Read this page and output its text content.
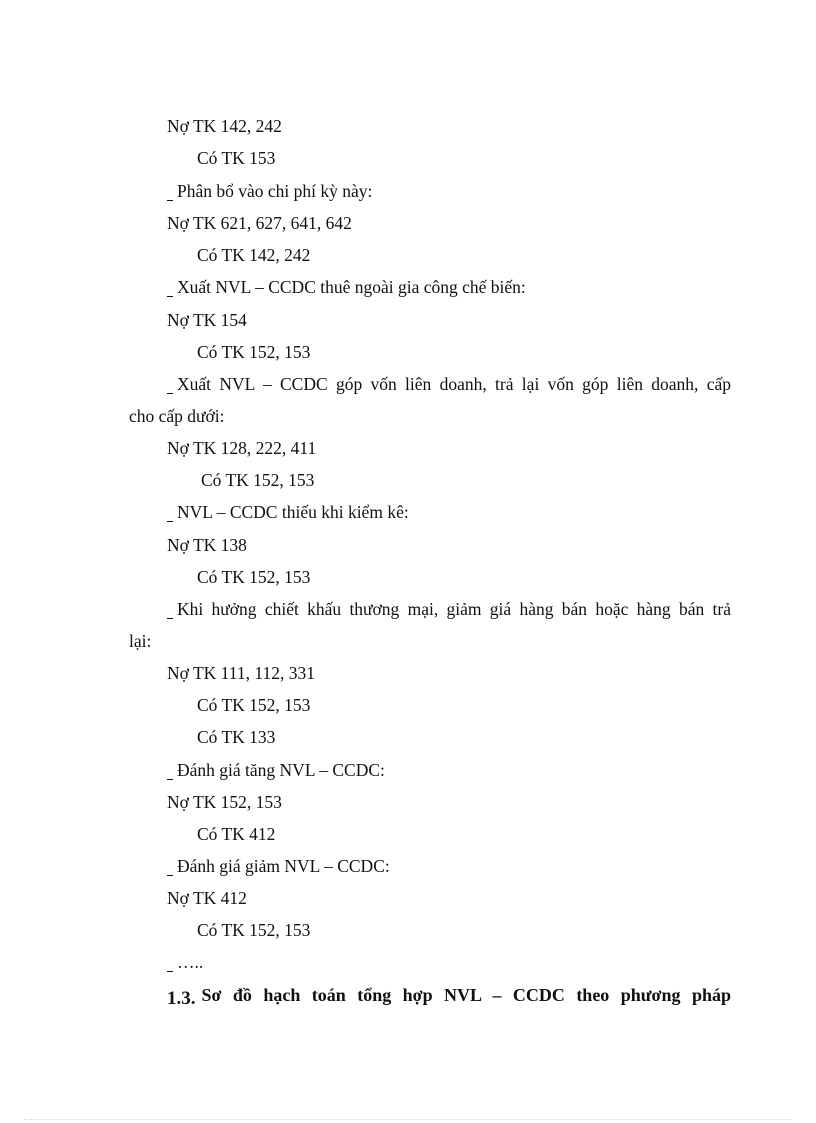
Nợ TK 142, 242
Có TK 153
Phân bổ vào chi phí kỳ này:
Nợ TK 621, 627, 641, 642
Có TK 142, 242
Xuất NVL – CCDC thuê ngoài gia công chế biến:
Nợ TK 154
Có TK 152, 153
Xuất NVL – CCDC góp vốn liên doanh, trả lại vốn góp liên doanh, cấp
cho cấp dưới:
Nợ TK 128, 222, 411
Có TK 152, 153
NVL – CCDC thiếu khi kiểm kê:
Nợ TK 138
Có TK 152, 153
Khi hưởng chiết khấu thương mại, giảm giá hàng bán hoặc hàng bán trả
lại:
Nợ TK 111, 112, 331
Có TK 152, 153
Có TK 133
Đánh giá tăng NVL – CCDC:
Nợ TK 152, 153
Có TK 412
Đánh giá giảm NVL – CCDC:
Nợ TK 412
Có TK 152, 153
…..
1.3. Sơ đồ hạch toán tổng hợp NVL – CCDC theo phương pháp
